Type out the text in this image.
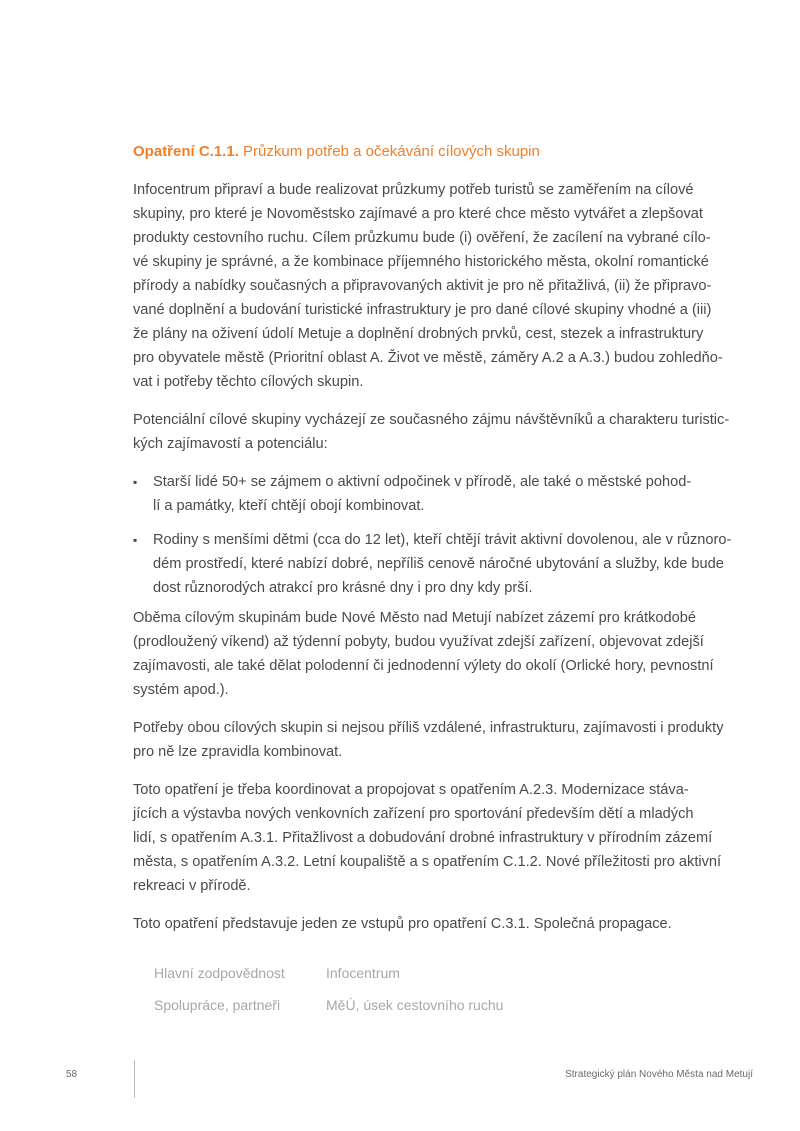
Opatření C.1.1. Průzkum potřeb a očekávání cílových skupin
Infocentrum připraví a bude realizovat průzkumy potřeb turistů se zaměřením na cílové
skupiny, pro které je Novoměstsko zajímavé a pro které chce město vytvářet a zlepšovat
produkty cestovního ruchu. Cílem průzkumu bude (i) ověření, že zacílení na vybrané cílo-
vé skupiny je správné, a že kombinace příjemného historického města, okolní romantické
přírody a nabídky současných a připravovaných aktivit je pro ně přitažlivá, (ii) že připravo-
vané doplnění a budování turistické infrastruktury je pro dané cílové skupiny vhodné a (iii)
že plány na oživení údolí Metuje a doplnění drobných prvků, cest, stezek a infrastruktury
pro obyvatele městě (Prioritní oblast A. Život ve městě, záměry A.2 a A.3.) budou zohledňo-
vat i potřeby těchto cílových skupin.
Potenciální cílové skupiny vycházejí ze současného zájmu návštěvníků a charakteru turistic-
kých zajímavostí a potenciálu:
▪ Starší lidé 50+ se zájmem o aktivní odpočinek v přírodě, ale také o městské pohod-
lí a památky, kteří chtějí obojí kombinovat.
▪ Rodiny s menšími dětmi (cca do 12 let), kteří chtějí trávit aktivní dovolenou, ale v různoro-
dém prostředí, které nabízí dobré, nepříliš cenově náročné ubytování a služby, kde bude
dost různorodých atrakcí pro krásné dny i pro dny kdy prší.
Oběma cílovým skupinám bude Nové Město nad Metují nabízet zázemí pro krátkodobé
(prodloužený víkend) až týdenní pobyty, budou využívat zdejší zařízení, objevovat zdejší
zajímavosti, ale také dělat polodenní či jednodenní výlety do okolí (Orlické hory, pevnostní
systém apod.).
Potřeby obou cílových skupin si nejsou příliš vzdálené, infrastrukturu, zajímavosti i produkty
pro ně lze zpravidla kombinovat.
Toto opatření je třeba koordinovat a propojovat s opatřením A.2.3. Modernizace stáva-
jících a výstavba nových venkovních zařízení pro sportování především dětí a mladých
lidí, s opatřením A.3.1. Přitažlivost a dobudování drobné infrastruktury v přírodním zázemí
města, s opatřením A.3.2. Letní koupaliště a s opatřením C.1.2. Nové příležitosti pro aktivní
rekreaci v přírodě.
Toto opatření představuje jeden ze vstupů pro opatření C.3.1. Společná propagace.
Hlavní zodpovědnost	Infocentrum
Spolupráce, partneři	MěÚ, úsek cestovního ruchu
58	Strategický plán Nového Města nad Metují
